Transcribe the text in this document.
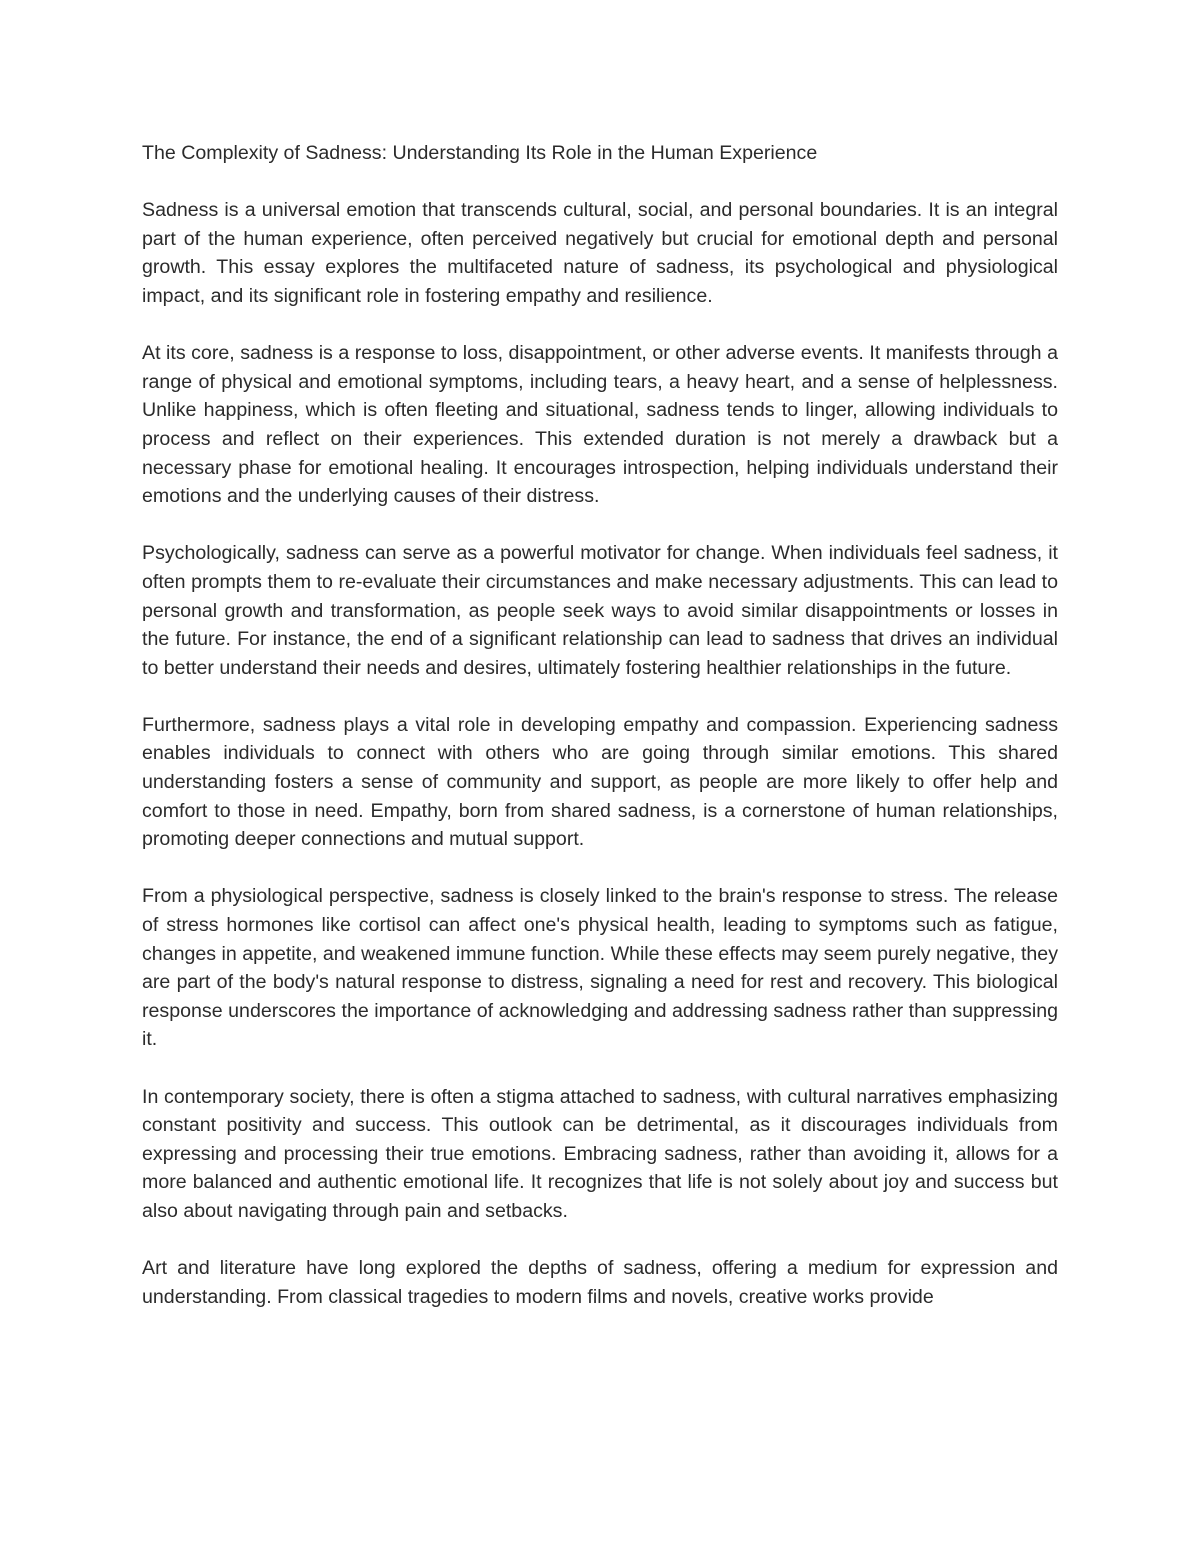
The Complexity of Sadness: Understanding Its Role in the Human Experience

Sadness is a universal emotion that transcends cultural, social, and personal boundaries. It is an integral part of the human experience, often perceived negatively but crucial for emotional depth and personal growth. This essay explores the multifaceted nature of sadness, its psychological and physiological impact, and its significant role in fostering empathy and resilience.

At its core, sadness is a response to loss, disappointment, or other adverse events. It manifests through a range of physical and emotional symptoms, including tears, a heavy heart, and a sense of helplessness. Unlike happiness, which is often fleeting and situational, sadness tends to linger, allowing individuals to process and reflect on their experiences. This extended duration is not merely a drawback but a necessary phase for emotional healing. It encourages introspection, helping individuals understand their emotions and the underlying causes of their distress.

Psychologically, sadness can serve as a powerful motivator for change. When individuals feel sadness, it often prompts them to re-evaluate their circumstances and make necessary adjustments. This can lead to personal growth and transformation, as people seek ways to avoid similar disappointments or losses in the future. For instance, the end of a significant relationship can lead to sadness that drives an individual to better understand their needs and desires, ultimately fostering healthier relationships in the future.

Furthermore, sadness plays a vital role in developing empathy and compassion. Experiencing sadness enables individuals to connect with others who are going through similar emotions. This shared understanding fosters a sense of community and support, as people are more likely to offer help and comfort to those in need. Empathy, born from shared sadness, is a cornerstone of human relationships, promoting deeper connections and mutual support.

From a physiological perspective, sadness is closely linked to the brain's response to stress. The release of stress hormones like cortisol can affect one's physical health, leading to symptoms such as fatigue, changes in appetite, and weakened immune function. While these effects may seem purely negative, they are part of the body's natural response to distress, signaling a need for rest and recovery. This biological response underscores the importance of acknowledging and addressing sadness rather than suppressing it.

In contemporary society, there is often a stigma attached to sadness, with cultural narratives emphasizing constant positivity and success. This outlook can be detrimental, as it discourages individuals from expressing and processing their true emotions. Embracing sadness, rather than avoiding it, allows for a more balanced and authentic emotional life. It recognizes that life is not solely about joy and success but also about navigating through pain and setbacks.

Art and literature have long explored the depths of sadness, offering a medium for expression and understanding. From classical tragedies to modern films and novels, creative works provide
